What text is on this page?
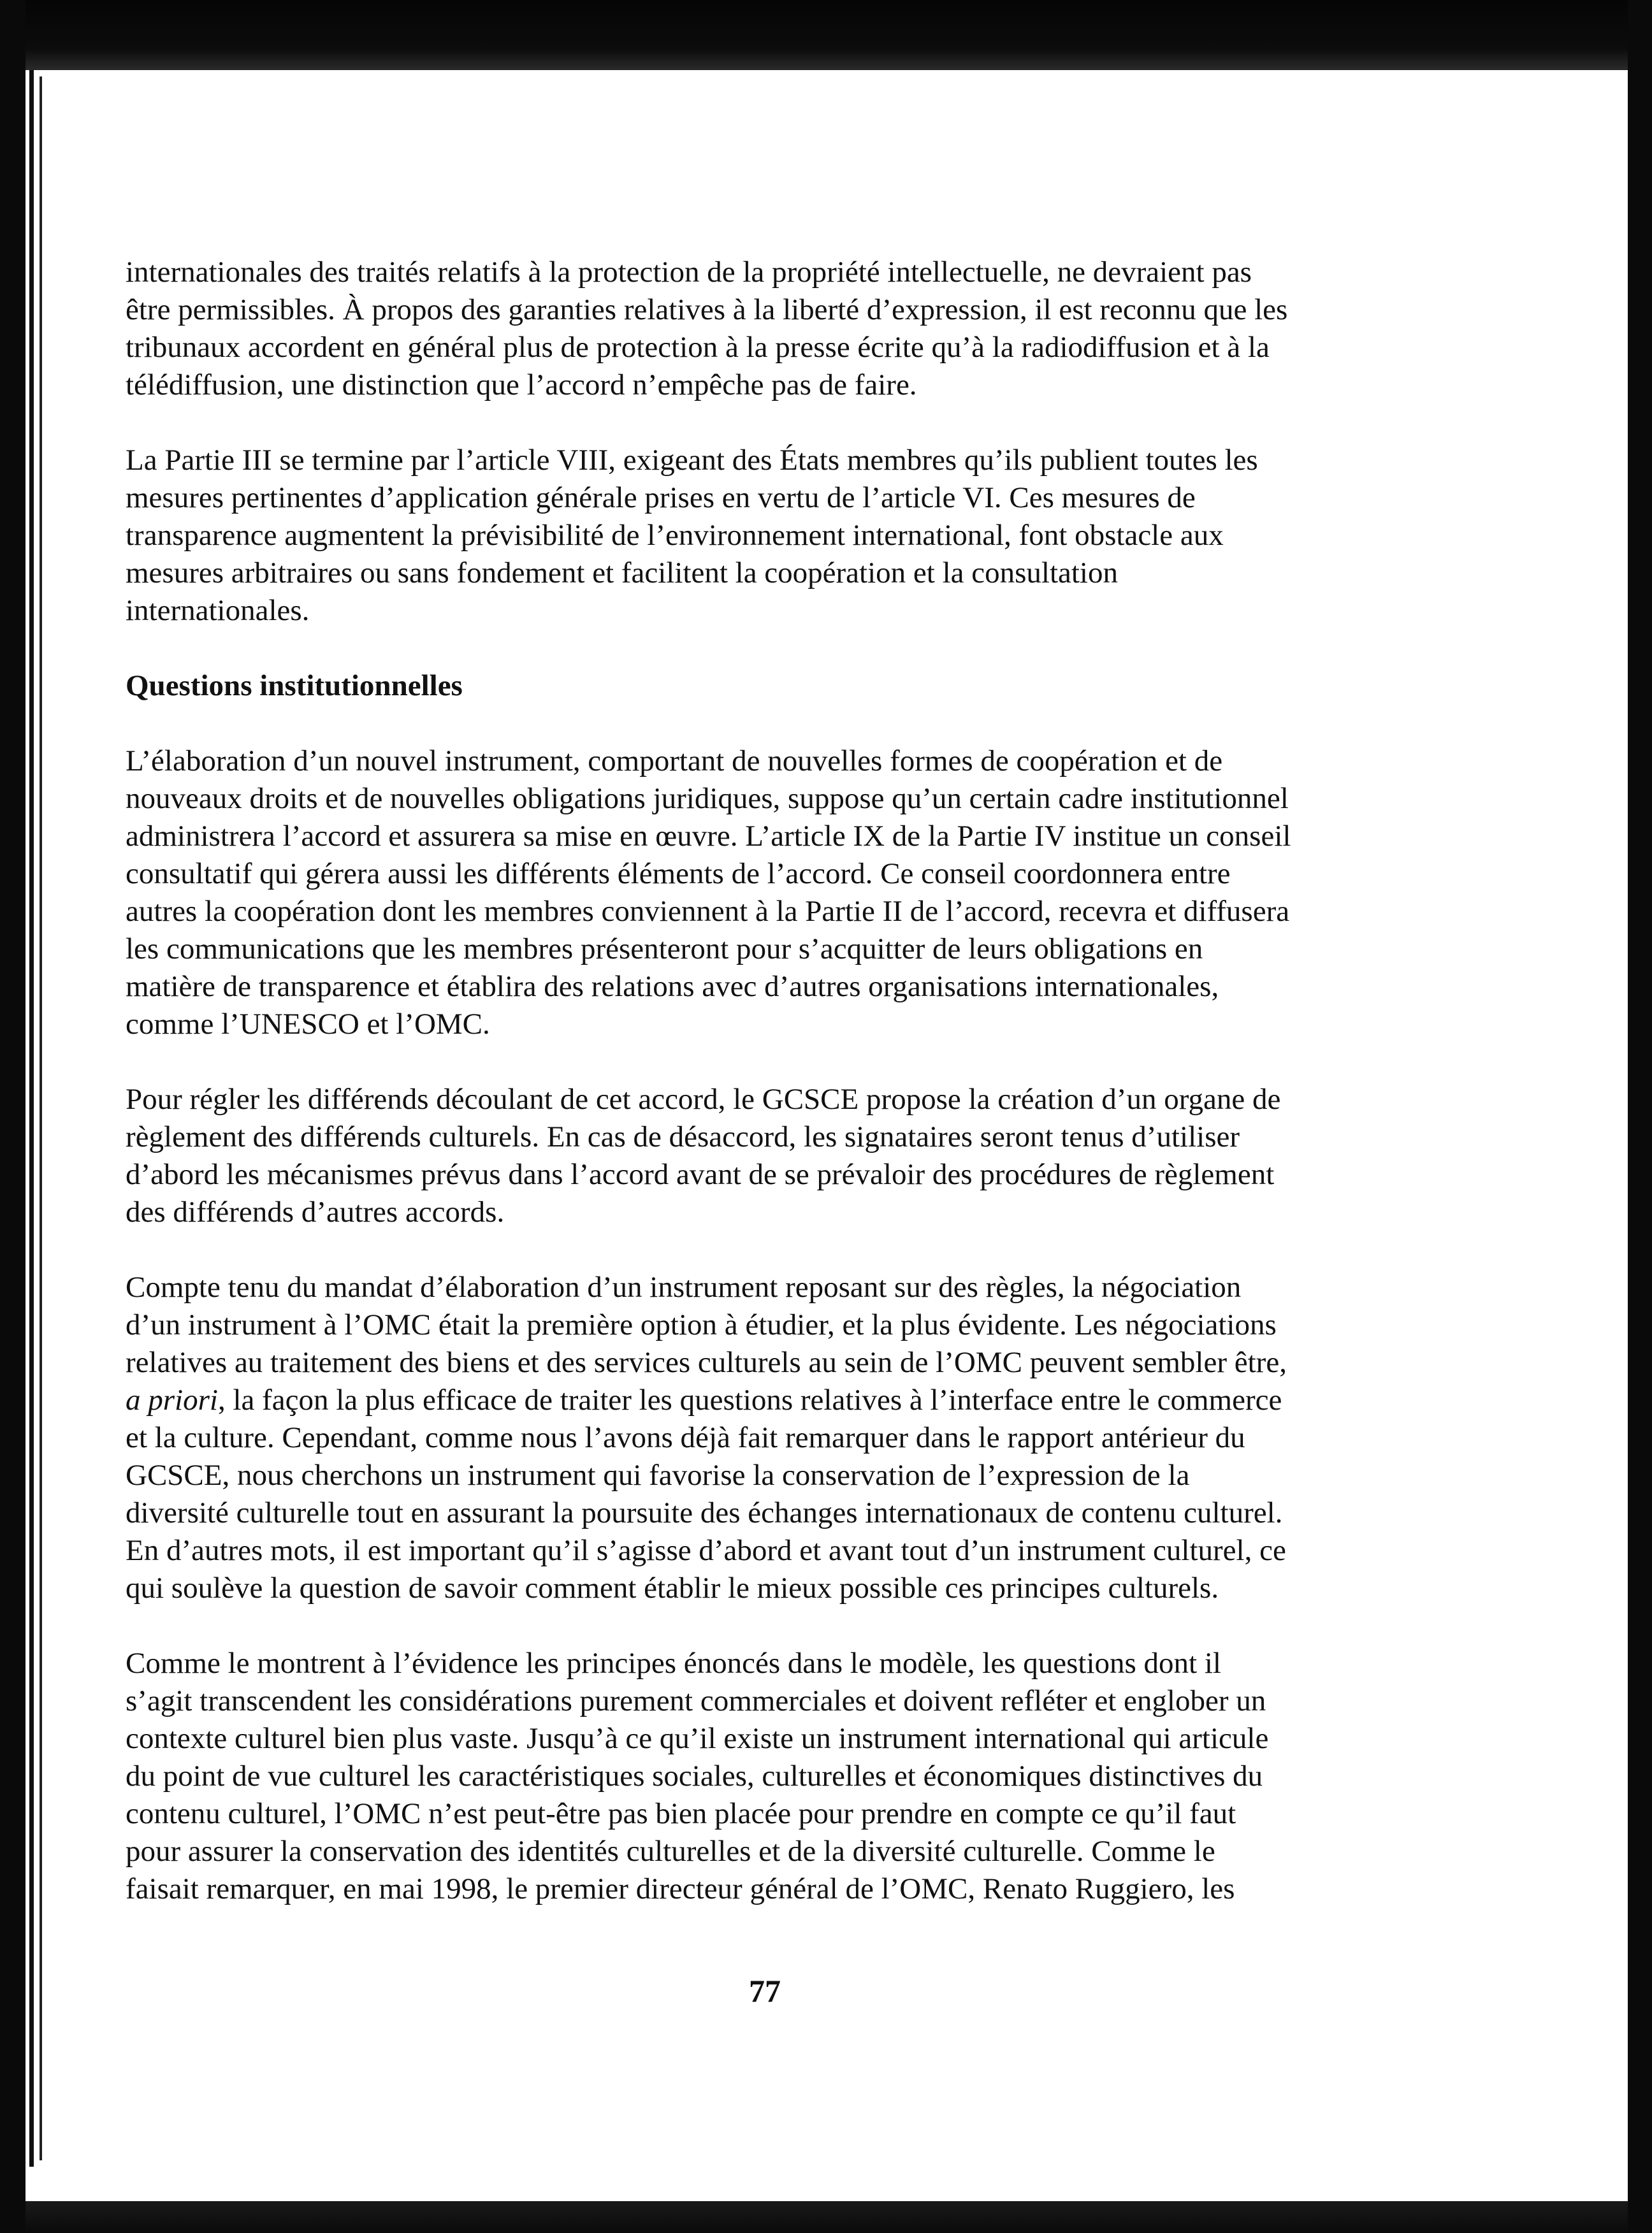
internationales des traités relatifs à la protection de la propriété intellectuelle, ne devraient pas
être permissibles. À propos des garanties relatives à la liberté d’expression, il est reconnu que les
tribunaux accordent en général plus de protection à la presse écrite qu’à la radiodiffusion et à la
télédiffusion, une distinction que l’accord n’empêche pas de faire.

La Partie III se termine par l’article VIII, exigeant des États membres qu’ils publient toutes les
mesures pertinentes d’application générale prises en vertu de l’article VI. Ces mesures de
transparence augmentent la prévisibilité de l’environnement international, font obstacle aux
mesures arbitraires ou sans fondement et facilitent la coopération et la consultation
internationales.

Questions institutionnelles

L’élaboration d’un nouvel instrument, comportant de nouvelles formes de coopération et de
nouveaux droits et de nouvelles obligations juridiques, suppose qu’un certain cadre institutionnel
administrera l’accord et assurera sa mise en œuvre. L’article IX de la Partie IV institue un conseil
consultatif qui gérera aussi les différents éléments de l’accord. Ce conseil coordonnera entre
autres la coopération dont les membres conviennent à la Partie II de l’accord, recevra et diffusera
les communications que les membres présenteront pour s’acquitter de leurs obligations en
matière de transparence et établira des relations avec d’autres organisations internationales,
comme l’UNESCO et l’OMC.

Pour régler les différends découlant de cet accord, le GCSCE propose la création d’un organe de
règlement des différends culturels. En cas de désaccord, les signataires seront tenus d’utiliser
d’abord les mécanismes prévus dans l’accord avant de se prévaloir des procédures de règlement
des différends d’autres accords.

Compte tenu du mandat d’élaboration d’un instrument reposant sur des règles, la négociation
d’un instrument à l’OMC était la première option à étudier, et la plus évidente. Les négociations
relatives au traitement des biens et des services culturels au sein de l’OMC peuvent sembler être,
a priori, la façon la plus efficace de traiter les questions relatives à l’interface entre le commerce
et la culture. Cependant, comme nous l’avons déjà fait remarquer dans le rapport antérieur du
GCSCE, nous cherchons un instrument qui favorise la conservation de l’expression de la
diversité culturelle tout en assurant la poursuite des échanges internationaux de contenu culturel.
En d’autres mots, il est important qu’il s’agisse d’abord et avant tout d’un instrument culturel, ce
qui soulève la question de savoir comment établir le mieux possible ces principes culturels.

Comme le montrent à l’évidence les principes énoncés dans le modèle, les questions dont il
s’agit transcendent les considérations purement commerciales et doivent refléter et englober un
contexte culturel bien plus vaste. Jusqu’à ce qu’il existe un instrument international qui articule
du point de vue culturel les caractéristiques sociales, culturelles et économiques distinctives du
contenu culturel, l’OMC n’est peut-être pas bien placée pour prendre en compte ce qu’il faut
pour assurer la conservation des identités culturelles et de la diversité culturelle. Comme le
faisait remarquer, en mai 1998, le premier directeur général de l’OMC, Renato Ruggiero, les

77
